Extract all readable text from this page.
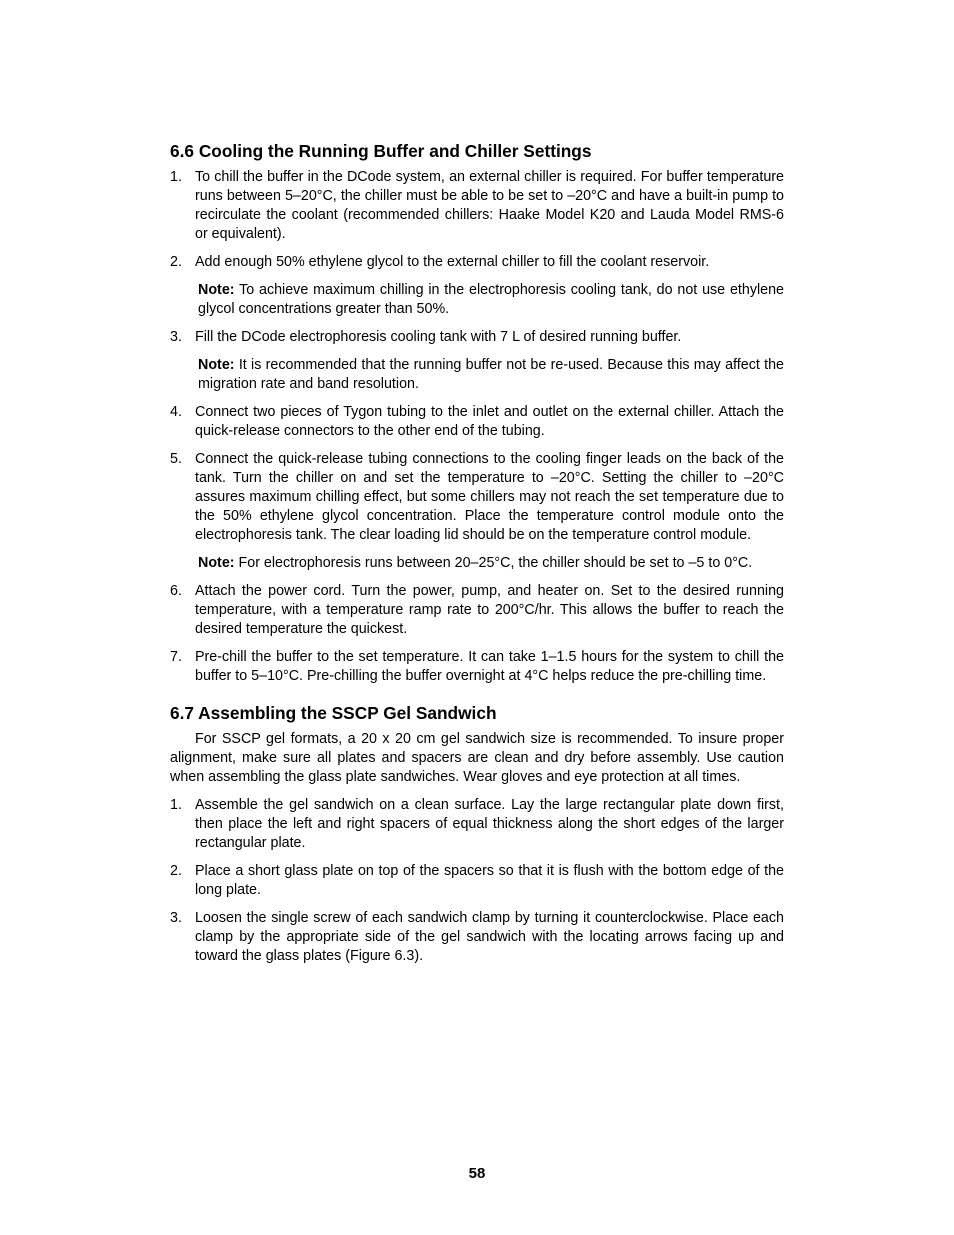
6.6 Cooling the Running Buffer and Chiller Settings
1. To chill the buffer in the DCode system, an external chiller is required. For buffer temperature runs between 5–20°C, the chiller must be able to be set to –20°C and have a built-in pump to recirculate the coolant (recommended chillers: Haake Model K20 and Lauda Model RMS-6 or equivalent).
2. Add enough 50% ethylene glycol to the external chiller to fill the coolant reservoir.

Note: To achieve maximum chilling in the electrophoresis cooling tank, do not use ethylene glycol concentrations greater than 50%.

3. Fill the DCode electrophoresis cooling tank with 7 L of desired running buffer.

Note: It is recommended that the running buffer not be re-used. Because this may affect the migration rate and band resolution.

4. Connect two pieces of Tygon tubing to the inlet and outlet on the external chiller. Attach the quick-release connectors to the other end of the tubing.
5. Connect the quick-release tubing connections to the cooling finger leads on the back of the tank. Turn the chiller on and set the temperature to –20°C. Setting the chiller to –20°C assures maximum chilling effect, but some chillers may not reach the set temperature due to the 50% ethylene glycol concentration. Place the temperature control module onto the electrophoresis tank. The clear loading lid should be on the temperature control module.

Note: For electrophoresis runs between 20–25°C, the chiller should be set to –5 to 0°C.

6. Attach the power cord. Turn the power, pump, and heater on. Set to the desired running temperature, with a temperature ramp rate to 200°C/hr. This allows the buffer to reach the desired temperature the quickest.
7. Pre-chill the buffer to the set temperature. It can take 1–1.5 hours for the system to chill the buffer to 5–10°C. Pre-chilling the buffer overnight at 4°C helps reduce the pre-chilling time.
6.7 Assembling the SSCP Gel Sandwich

For SSCP gel formats, a 20 x 20 cm gel sandwich size is recommended. To insure proper alignment, make sure all plates and spacers are clean and dry before assembly. Use caution when assembling the glass plate sandwiches. Wear gloves and eye protection at all times.

1. Assemble the gel sandwich on a clean surface. Lay the large rectangular plate down first, then place the left and right spacers of equal thickness along the short edges of the larger rectangular plate.
2. Place a short glass plate on top of the spacers so that it is flush with the bottom edge of the long plate.
3. Loosen the single screw of each sandwich clamp by turning it counterclockwise. Place each clamp by the appropriate side of the gel sandwich with the locating arrows facing up and toward the glass plates (Figure 6.3).
58
